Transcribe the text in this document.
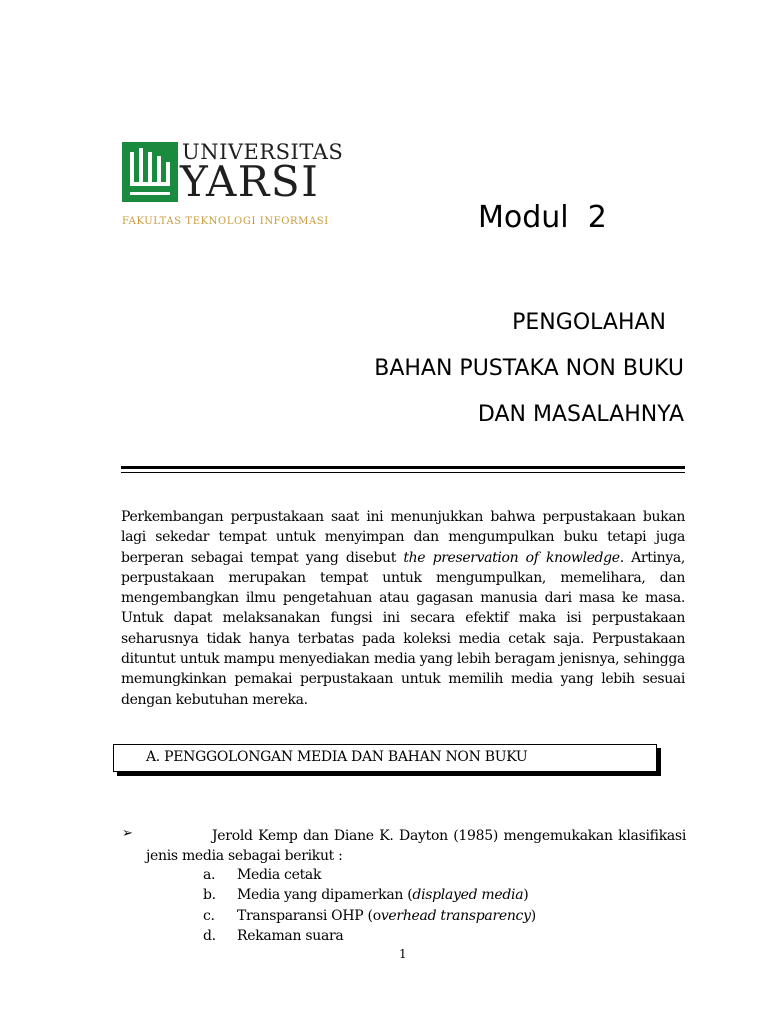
UNIVERSITAS
YARSI
FAKULTAS TEKNOLOGI INFORMASI	Modul  2
PENGOLAHAN
BAHAN PUSTAKA NON BUKU
DAN MASALAHNYA

Perkembangan perpustakaan saat ini menunjukkan bahwa perpustakaan bukan lagi sekedar tempat untuk menyimpan dan mengumpulkan buku tetapi juga berperan sebagai tempat yang disebut the preservation of knowledge. Artinya, perpustakaan merupakan tempat untuk mengumpulkan, memelihara, dan mengembangkan ilmu pengetahuan atau gagasan manusia dari masa ke masa. Untuk dapat melaksanakan fungsi ini secara efektif maka isi perpustakaan seharusnya tidak hanya terbatas pada koleksi media cetak saja. Perpustakaan dituntut untuk mampu menyediakan media yang lebih beragam jenisnya, sehingga memungkinkan pemakai perpustakaan untuk memilih media yang lebih sesuai dengan kebutuhan mereka.

A. PENGGOLONGAN MEDIA DAN BAHAN NON BUKU
➢	Jerold Kemp dan Diane K. Dayton (1985) mengemukakan klasifikasi jenis media sebagai berikut :

a. Media cetak
b. Media yang dipamerkan (displayed media)
c. Transparansi OHP (overhead transparency)
d. Rekaman suara
1
